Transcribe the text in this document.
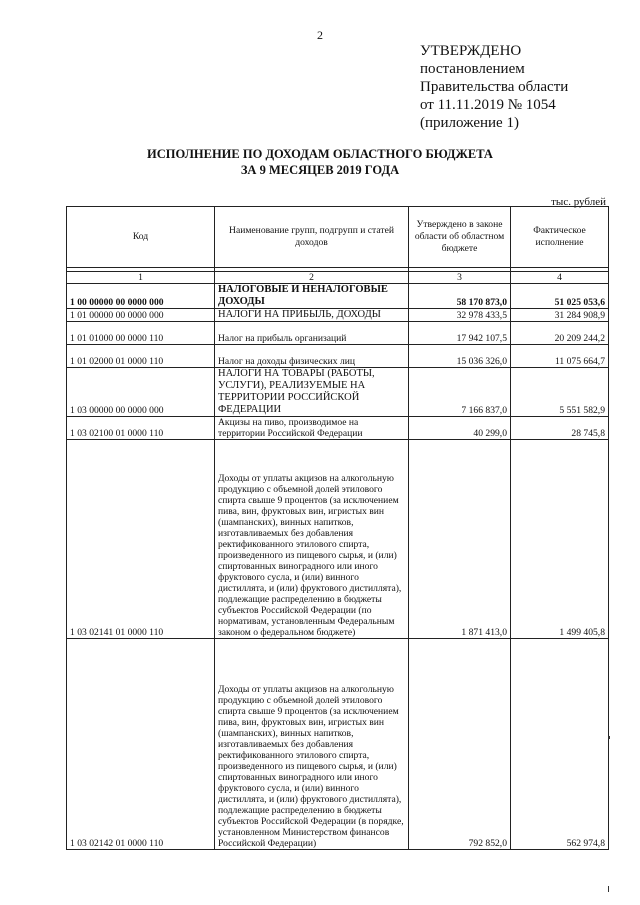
2
УТВЕРЖДЕНО
постановлением
Правительства области
от 11.11.2019 № 1054
(приложение 1)
ИСПОЛНЕНИЕ ПО ДОХОДАМ ОБЛАСТНОГО БЮДЖЕТА
ЗА 9 МЕСЯЦЕВ 2019 ГОДА
тыс. рублей
Код	Наименование групп, подгрупп и статей доходов	Утверждено в законе области об областном бюджете	Фактическое исполнение

1	2	3	4
1 00 00000 00 0000 000	НАЛОГОВЫЕ И НЕНАЛОГОВЫЕ ДОХОДЫ	58 170 873,0	51 025 053,6
1 01 00000 00 0000 000	НАЛОГИ НА ПРИБЫЛЬ, ДОХОДЫ	32 978 433,5	31 284 908,9
1 01 01000 00 0000 110	Налог на прибыль организаций	17 942 107,5	20 209 244,2
1 01 02000 01 0000 110	Налог на доходы физических лиц	15 036 326,0	11 075 664,7
1 03 00000 00 0000 000	НАЛОГИ НА ТОВАРЫ (РАБОТЫ, УСЛУГИ), РЕАЛИЗУЕМЫЕ НА ТЕРРИТОРИИ РОССИЙСКОЙ ФЕДЕРАЦИИ	7 166 837,0	5 551 582,9
1 03 02100 01 0000 110	Акцизы на пиво, производимое на территории Российской Федерации	40 299,0	28 745,8
1 03 02141 01 0000 110	Доходы от уплаты акцизов на алкогольную продукцию с объемной долей этилового спирта свыше 9 процентов (за исключением пива, вин, фруктовых вин, игристых вин (шампанских), винных напитков, изготавливаемых без добавления ректификованного этилового спирта, произведенного из пищевого сырья, и (или) спиртованных виноградного или иного фруктового сусла, и (или) винного дистиллята, и (или) фруктового дистиллята), подлежащие распределению в бюджеты субъектов Российской Федерации (по нормативам, установленным Федеральным законом о федеральном бюджете)	1 871 413,0	1 499 405,8
1 03 02142 01 0000 110	Доходы от уплаты акцизов на алкогольную продукцию с объемной долей этилового спирта свыше 9 процентов (за исключением пива, вин, фруктовых вин, игристых вин (шампанских), винных напитков, изготавливаемых без добавления ректификованного этилового спирта, произведенного из пищевого сырья, и (или) спиртованных виноградного или иного фруктового сусла, и (или) винного дистиллята, и (или) фруктового дистиллята), подлежащие распределению в бюджеты субъектов Российской Федерации (в порядке, установленном Министерством финансов Российской Федерации)	792 852,0	562 974,8
